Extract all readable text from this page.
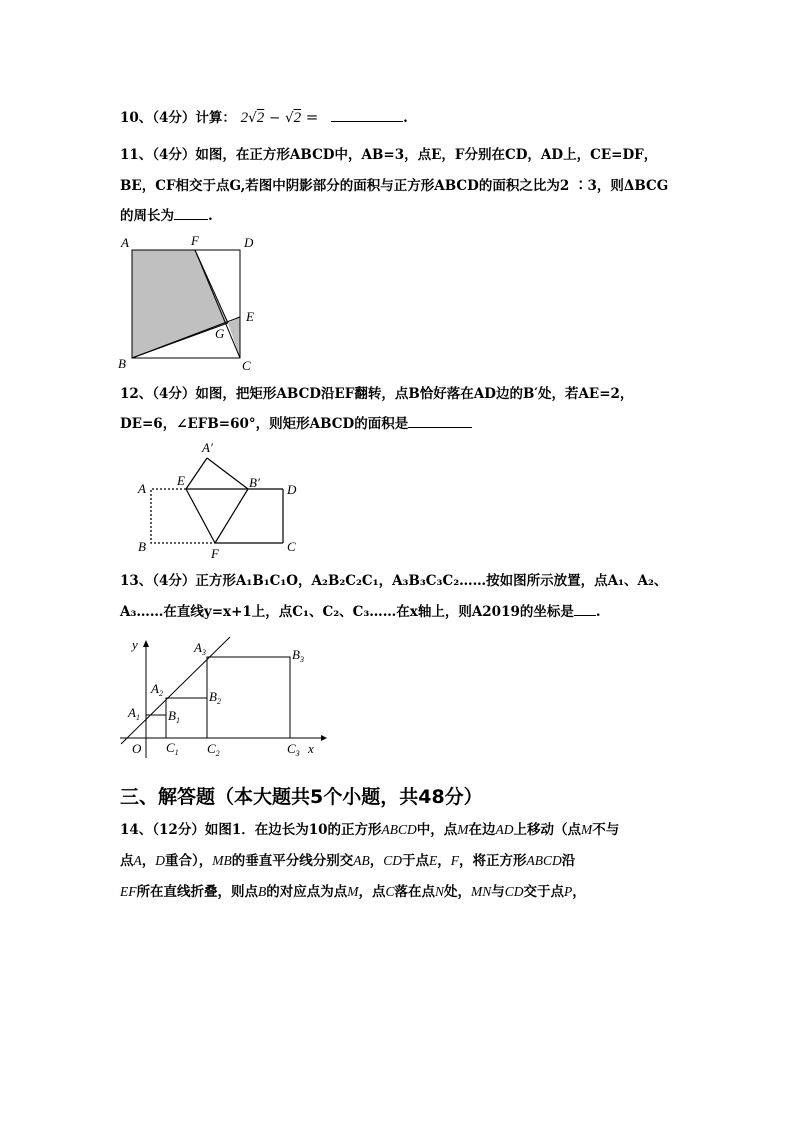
10、（4分）计算： 2√2 − √2 =	.
11、（4分）如图，在正方形ABCD中，AB=3，点E，F分别在CD，AD上，CE=DF，
BE，CF相交于点G,若图中阴影部分的面积与正方形ABCD的面积之比为2 ∶3，则ΔBCG
的周长为	.
A	F	D
E
G
B	C
12、（4分）如图，把矩形ABCD沿EF翻转，点B恰好落在AD边的B′处，若AE=2，
DE=6，∠EFB=60°，则矩形ABCD的面积是
A′
A
E	B′ D
B	F	C
13、（4分）正方形A₁B₁C₁O，A₂B₂C₂C₁，A₃B₃C₃C₂……按如图所示放置，点A₁、A₂、
A₃……在直线y=x+1上，点C₁、C₂、C₃……在x轴上，则A2019的坐标是 .
y
x
O
$A_1$
$A_2$
$A_3$
$B_1$
$B_2$
$B_3$
$C_1$ $C_2$	$C_3$
三、解答题（本大题共5个小题，共48分）
14、（12分）如图1．在边长为10的正方形ABCD中，点M在边AD上移动（点M不与
点A，D重合），MB的垂直平分线分别交AB，CD于点E，F，将正方形ABCD沿
EF所在直线折叠，则点B的对应点为点M，点C落在点N处，MN与CD交于点P，
